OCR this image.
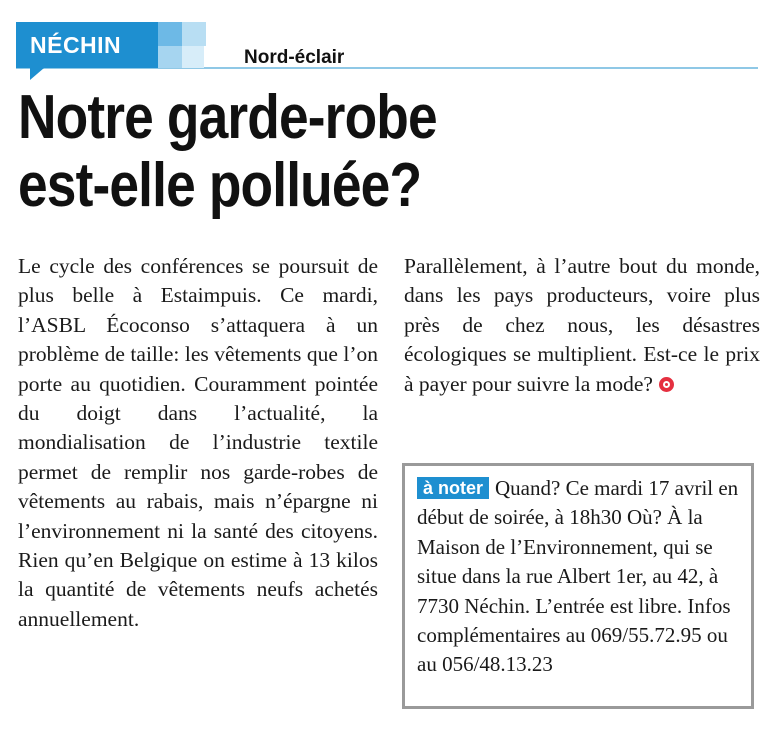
NÉCHIN	Nord-éclair
Notre garde-robe
est-elle polluée?
Le cycle des conférences se poursuit de plus belle à Estaimpuis. Ce mardi, l’ASBL Écoconso s’attaquera à un problème de taille: les vêtements que l’on porte au quotidien. Couramment pointée du doigt dans l’actualité, la mondialisation de l’industrie textile permet de remplir nos garde-robes de vêtements au rabais, mais n’épargne ni l’environnement ni la santé des citoyens. Rien qu’en Belgique on estime à 13 kilos la quantité de vêtements neufs achetés annuellement.
Parallèlement, à l’autre bout du monde, dans les pays producteurs, voire plus près de chez nous, les désastres écologiques se multiplient. Est-ce le prix à payer pour suivre la mode?
à noter Quand? Ce mardi 17 avril en début de soirée, à 18h30 Où? À la Maison de l’Environnement, qui se situe dans la rue Albert 1er, au 42, à 7730 Néchin. L’entrée est libre. Infos complémentaires au 069/55.72.95 ou au 056/48.13.23
